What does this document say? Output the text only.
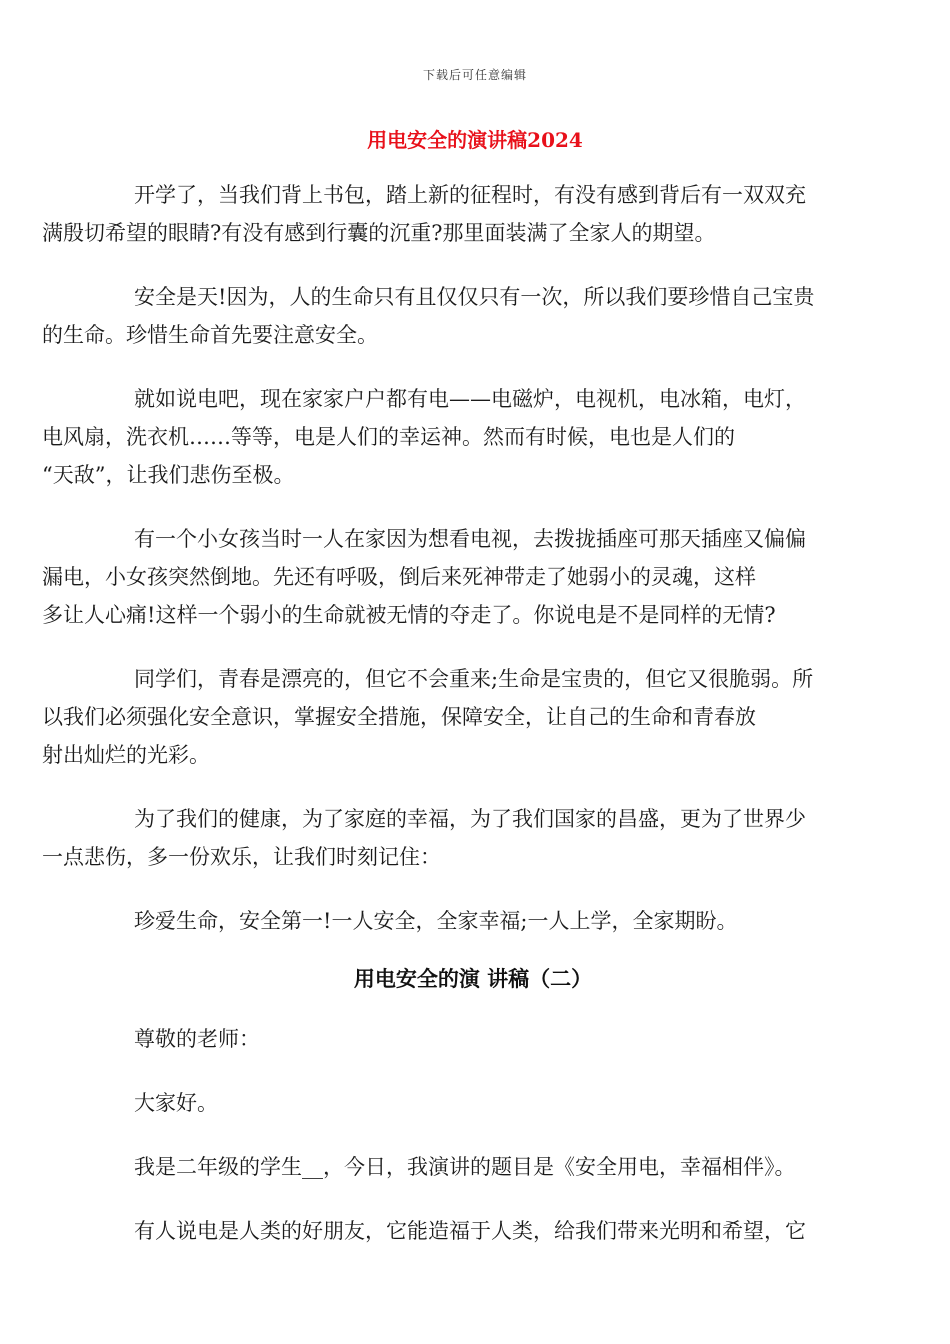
下载后可任意编辑
用电安全的演讲稿2024

开学了，当我们背上书包，踏上新的征程时，有没有感到背后有一双双充
满殷切希望的眼睛?有没有感到行囊的沉重?那里面装满了全家人的期望。

安全是天!因为，人的生命只有且仅仅只有一次，所以我们要珍惜自己宝贵
的生命。珍惜生命首先要注意安全。

就如说电吧，现在家家户户都有电——电磁炉，电视机，电冰箱，电灯，
电风扇，洗衣机……等等，电是人们的幸运神。然而有时候，电也是人们的
“天敌”，让我们悲伤至极。

有一个小女孩当时一人在家因为想看电视，去拨拢插座可那天插座又偏偏
漏电，小女孩突然倒地。先还有呼吸，倒后来死神带走了她弱小的灵魂，这样
多让人心痛!这样一个弱小的生命就被无情的夺走了。你说电是不是同样的无情?

同学们，青春是漂亮的，但它不会重来;生命是宝贵的，但它又很脆弱。所
以我们必须强化安全意识，掌握安全措施，保障安全，让自己的生命和青春放
射出灿烂的光彩。

为了我们的健康，为了家庭的幸福，为了我们国家的昌盛，更为了世界少
一点悲伤，多一份欢乐，让我们时刻记住：

珍爱生命，安全第一!一人安全，全家幸福;一人上学，全家期盼。

用电安全的演 讲稿（二）

尊敬的老师：

大家好。

我是二年级的学生__，今日，我演讲的题目是《安全用电，幸福相伴》。

有人说电是人类的好朋友，它能造福于人类，给我们带来光明和希望，它
